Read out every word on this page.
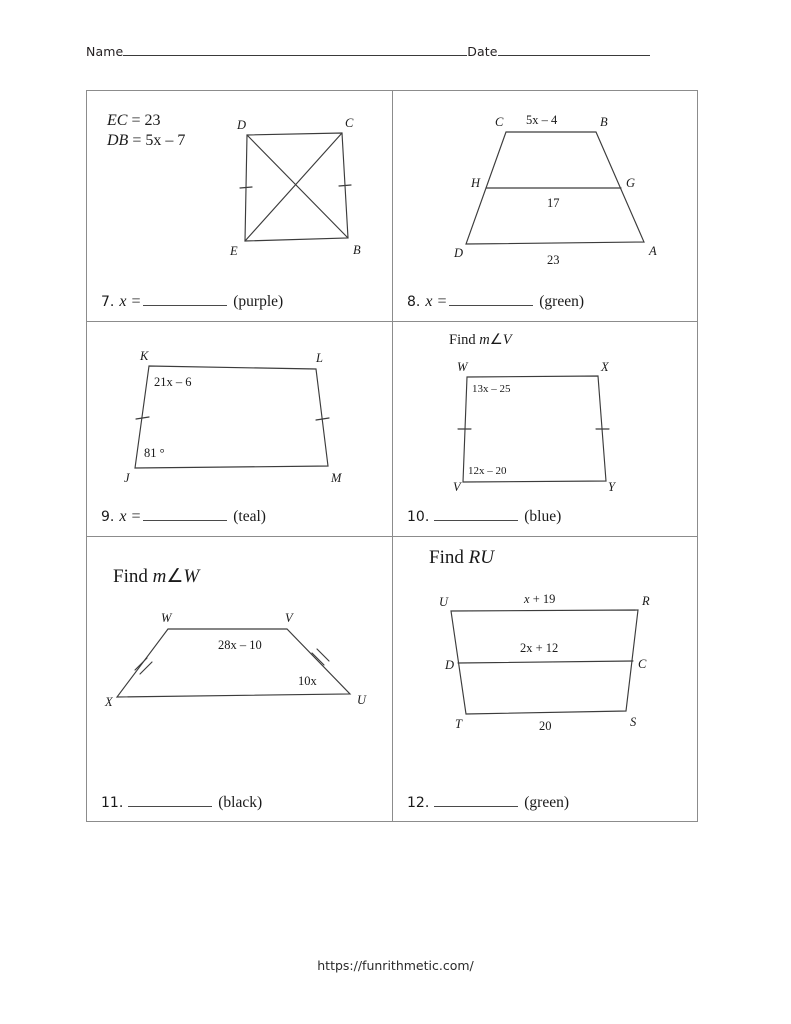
Name	Date
EC = 23
DB = 5x – 7
D	C
B
E
7. x =	(purple)
C	B
A
D
H	G
5x – 4
17
23
8. x =	(green)
K	L
M
J
21x – 6
81 °
9. x =	(teal)
Find m∠V
W	X
Y
V
13x – 25
12x – 20
10.	(blue)
Find m∠W
W	V
U
X
28x – 10
10x
11.	(black)
Find RU
U	R
S
T
D	C
x + 19
2x + 12
20
12.	(green)
https://funrithmetic.com/
